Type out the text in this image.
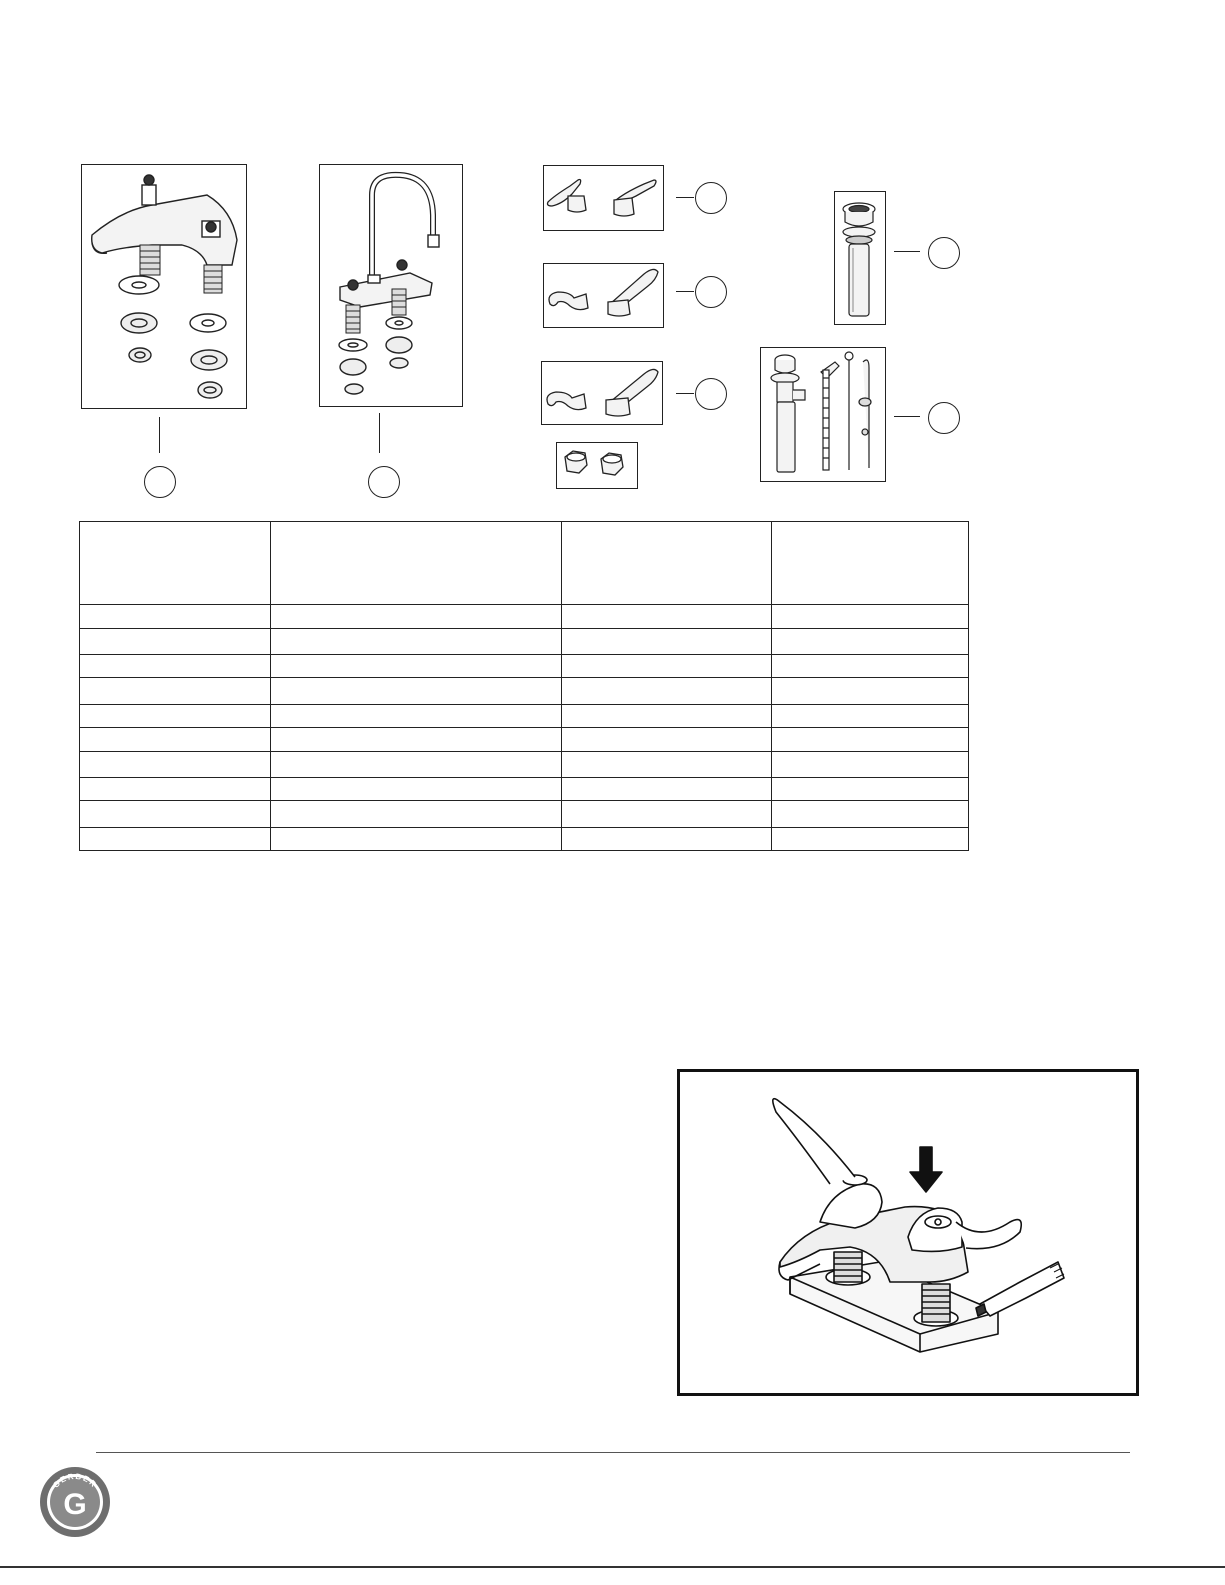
GERBER
G
